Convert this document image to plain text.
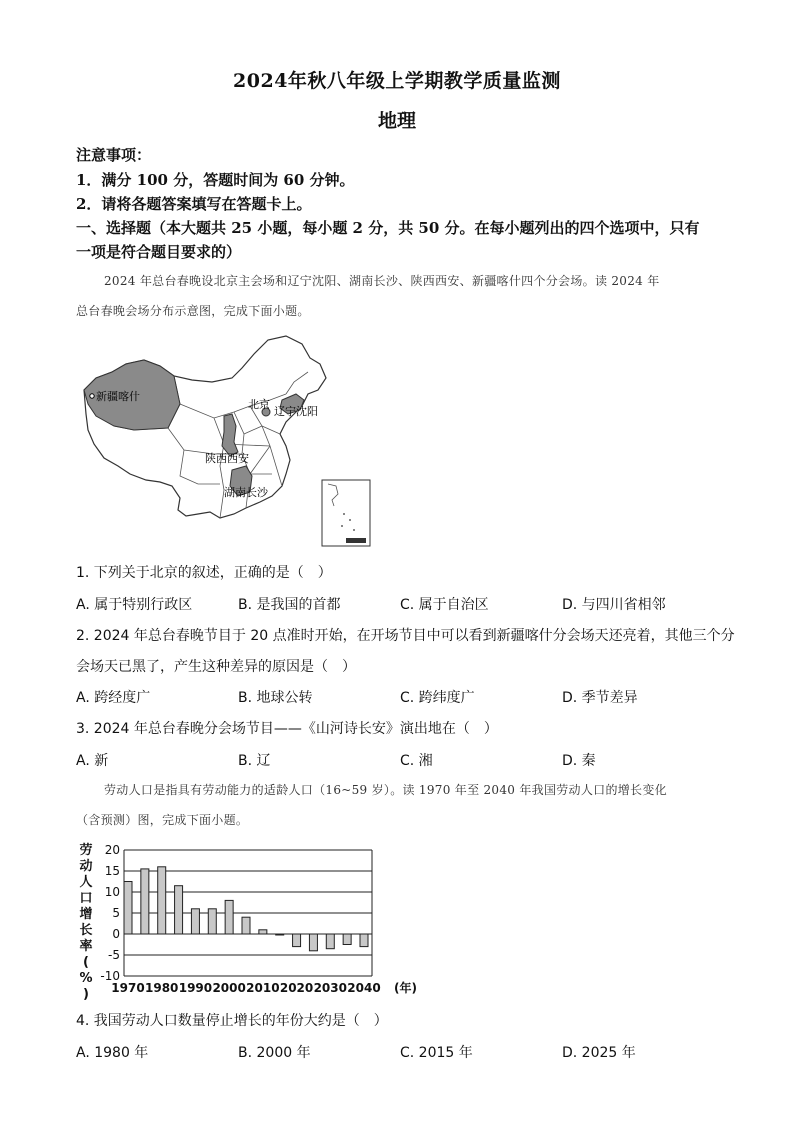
2024年秋八年级上学期教学质量监测
地理
注意事项：
1．满分 100 分，答题时间为 60 分钟。
2．请将各题答案填写在答题卡上。
一、选择题（本大题共 25 小题，每小题 2 分，共 50 分。在每小题列出的四个选项中，只有
一项是符合题目要求的）
2024 年总台春晚设北京主会场和辽宁沈阳、湖南长沙、陕西西安、新疆喀什四个分会场。读 2024 年
总台春晚会场分布示意图，完成下面小题。
新疆喀什
北京
辽宁沈阳
陕西西安
湖南长沙
1. 下列关于北京的叙述，正确的是（　）
A. 属于特别行政区	B. 是我国的首都	C. 属于自治区	D. 与四川省相邻
2. 2024 年总台春晚节目于 20 点准时开始，在开场节目中可以看到新疆喀什分会场天还亮着，其他三个分
会场天已黑了，产生这种差异的原因是（　）
A. 跨经度广	B. 地球公转	C. 跨纬度广	D. 季节差异
3. 2024 年总台春晚分会场节目——《山河诗长安》演出地在（　）
A. 新	B. 辽	C. 湘	D. 秦
劳动人口是指具有劳动能力的适龄人口（16~59 岁）。读 1970 年至 2040 年我国劳动人口的增长变化
（含预测）图，完成下面小题。
劳
动
人
口
增
长
率
(
%
)
20
15
10
5
0
-5
-10
1970 1980 1990 2000 2010 2020 2030 2040 (年)
4. 我国劳动人口数量停止增长的年份大约是（　）
A. 1980 年	B. 2000 年	C. 2015 年	D. 2025 年
